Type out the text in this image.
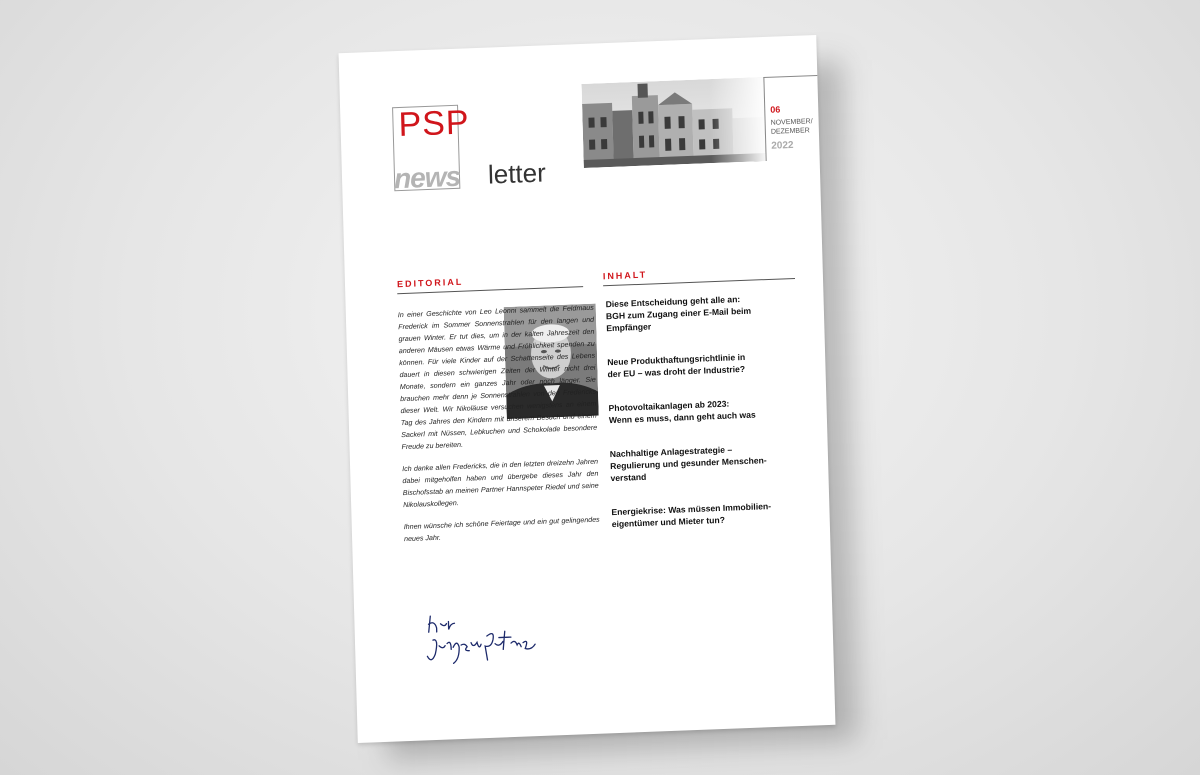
PSP
news letter
06
NOVEMBER/ DEZEMBER
2022
EDITORIAL
INHALT

In einer Geschichte von Leo Leonni sammelt die Feldmaus Frederick im Sommer Sonnenstrahlen für den langen und grauen Winter. Er tut dies, um in der kalten Jahreszeit den anderen Mäusen etwas Wärme und Fröhlichkeit spenden zu können. Für viele Kinder auf der Schattenseite des Lebens dauert in diesen schwierigen Zeiten der Winter nicht drei Monate, sondern ein ganzes Jahr oder noch länger. Sie brauchen mehr denn je Sonnenstrahlen von den Fredericks dieser Welt. Wir Nikoläuse versuchen wenigstens an einem Tag des Jahres den Kindern mit unserem Besuch und einem Sackerl mit Nüssen, Lebkuchen und Schokolade besondere Freude zu bereiten.

Ich danke allen Fredericks, die in den letzten dreizehn Jahren dabei mitgeholfen haben und übergebe dieses Jahr den Bischofsstab an meinen Partner Hannspeter Riedel und seine Nikolauskollegen.

Ihnen wünsche ich schöne Feiertage und ein gut gelingendes neues Jahr.

Diese Entscheidung geht alle an:
BGH zum Zugang einer E-Mail beim
Empfänger
Neue Produkthaftungsrichtlinie in
der EU – was droht der Industrie?
Photovoltaikanlagen ab 2023:
Wenn es muss, dann geht auch was
Nachhaltige Anlagestrategie –
Regulierung und gesunder Menschen-
verstand
Energiekrise: Was müssen Immobilien-
eigentümer und Mieter tun?
